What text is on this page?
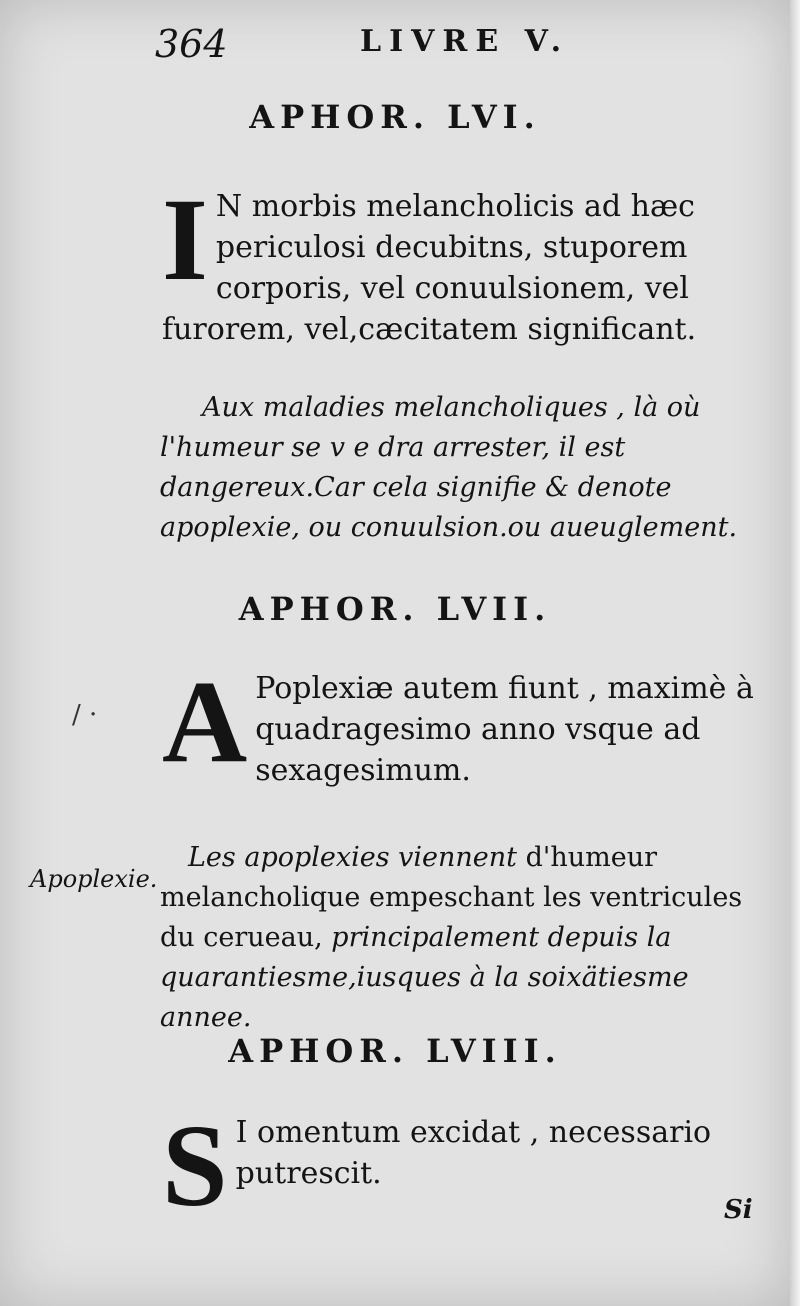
364	LIVRE V.
APHOR. LVI.
I N morbis melancholicis ad hæc periculosi decubitns, stuporem corporis, vel conuulsionem, vel furorem, vel,cæcitatem significant.
Aux maladies melancholiques , là où l'humeur se v e dra arrester, il est dangereux.Car cela signifie & denote apoplexie, ou conuulsion.ou aueuglement.
APHOR. LVII.
A Poplexiæ autem fiunt , maximè à quadragesimo anno vsque ad sexagesimum.
Les apoplexies viennent d'humeur melancholique empeschant les ventricules du cerueau, principalement depuis la quarantiesme,iusques à la soixätiesme annee.
Apoplexie.
/ ·
APHOR. LVIII.
S I omentum excidat , necessario putrescit.
Si
